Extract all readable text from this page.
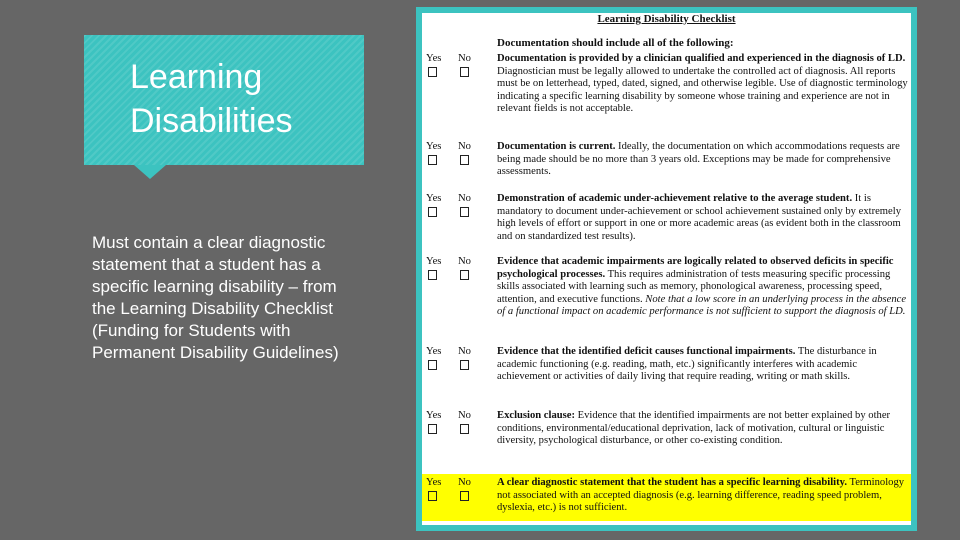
Learning Disabilities

Must contain a clear diagnostic statement that a student has a specific learning disability – from the Learning Disability Checklist (Funding for Students with Permanent Disability Guidelines)

Learning Disability Checklist

Documentation should include all of the following:
Yes	No	Documentation is provided by a clinician qualified and experienced in the diagnosis of LD. Diagnostician must be legally allowed to undertake the controlled act of diagnosis. All reports must be on letterhead, typed, dated, signed, and otherwise legible. Use of diagnostic terminology indicating a specific learning disability by someone whose training and experience are not in relevant fields is not acceptable.
Yes	No	Documentation is current. Ideally, the documentation on which accommodations requests are being made should be no more than 3 years old. Exceptions may be made for comprehensive assessments.
Yes	No	Demonstration of academic under-achievement relative to the average student. It is mandatory to document under-achievement or school achievement sustained only by extremely high levels of effort or support in one or more academic areas (as evident both in the classroom and on standardized test results).
Yes	No	Evidence that academic impairments are logically related to observed deficits in specific psychological processes. This requires administration of tests measuring specific processing skills associated with learning such as memory, phonological awareness, processing speed, attention, and executive functions. Note that a low score in an underlying process in the absence of a functional impact on academic performance is not sufficient to support the diagnosis of LD.
Yes	No	Evidence that the identified deficit causes functional impairments. The disturbance in academic functioning (e.g. reading, math, etc.) significantly interferes with academic achievement or activities of daily living that require reading, writing or math skills.
Yes	No	Exclusion clause: Evidence that the identified impairments are not better explained by other conditions, environmental/educational deprivation, lack of motivation, cultural or linguistic diversity, psychological disturbance, or other co-existing condition.
Yes	No	A clear diagnostic statement that the student has a specific learning disability. Terminology not associated with an accepted diagnosis (e.g. learning difference, reading speed problem, dyslexia, etc.) is not sufficient.
